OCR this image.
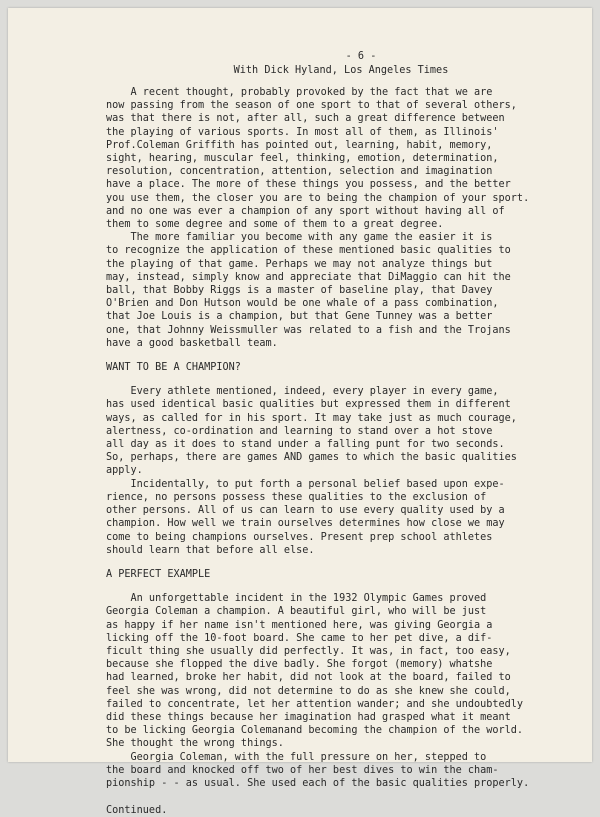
- 6 -
With Dick Hyland, Los Angeles Times
A recent thought, probably provoked by the fact that we are
now passing from the season of one sport to that of several others,
was that there is not, after all, such a great difference between
the playing of various sports. In most all of them, as Illinois'
Prof.Coleman Griffith has pointed out, learning, habit, memory,
sight, hearing, muscular feel, thinking, emotion, determination,
resolution, concentration, attention, selection and imagination
have a place. The more of these things you possess, and the better
you use them, the closer you are to being the champion of your sport.
and no one was ever a champion of any sport without having all of
them to some degree and some of them to a great degree.
The more familiar you become with any game the easier it is
to recognize the application of these mentioned basic qualities to
the playing of that game. Perhaps we may not analyze things but
may, instead, simply know and appreciate that DiMaggio can hit the
ball, that Bobby Riggs is a master of baseline play, that Davey
O'Brien and Don Hutson would be one whale of a pass combination,
that Joe Louis is a champion, but that Gene Tunney was a better
one, that Johnny Weissmuller was related to a fish and the Trojans
have a good basketball team.
WANT TO BE A CHAMPION?
Every athlete mentioned, indeed, every player in every game,
has used identical basic qualities but expressed them in different
ways, as called for in his sport. It may take just as much courage,
alertness, co-ordination and learning to stand over a hot stove
all day as it does to stand under a falling punt for two seconds.
So, perhaps, there are games AND games to which the basic qualities
apply.
Incidentally, to put forth a personal belief based upon expe-
rience, no persons possess these qualities to the exclusion of
other persons. All of us can learn to use every quality used by a
champion. How well we train ourselves determines how close we may
come to being champions ourselves. Present prep school athletes
should learn that before all else.
A PERFECT EXAMPLE
An unforgettable incident in the 1932 Olympic Games proved
Georgia Coleman a champion. A beautiful girl, who will be just
as happy if her name isn't mentioned here, was giving Georgia a
licking off the 10-foot board. She came to her pet dive, a dif-
ficult thing she usually did perfectly. It was, in fact, too easy,
because she flopped the dive badly. She forgot (memory) whatshe
had learned, broke her habit, did not look at the board, failed to
feel she was wrong, did not determine to do as she knew she could,
failed to concentrate, let her attention wander; and she undoubtedly
did these things because her imagination had grasped what it meant
to be licking Georgia Colemanand becoming the champion of the world.
She thought the wrong things.
Georgia Coleman, with the full pressure on her, stepped to
the board and knocked off two of her best dives to win the cham-
pionship - - as usual. She used each of the basic qualities properly.
Continued.
